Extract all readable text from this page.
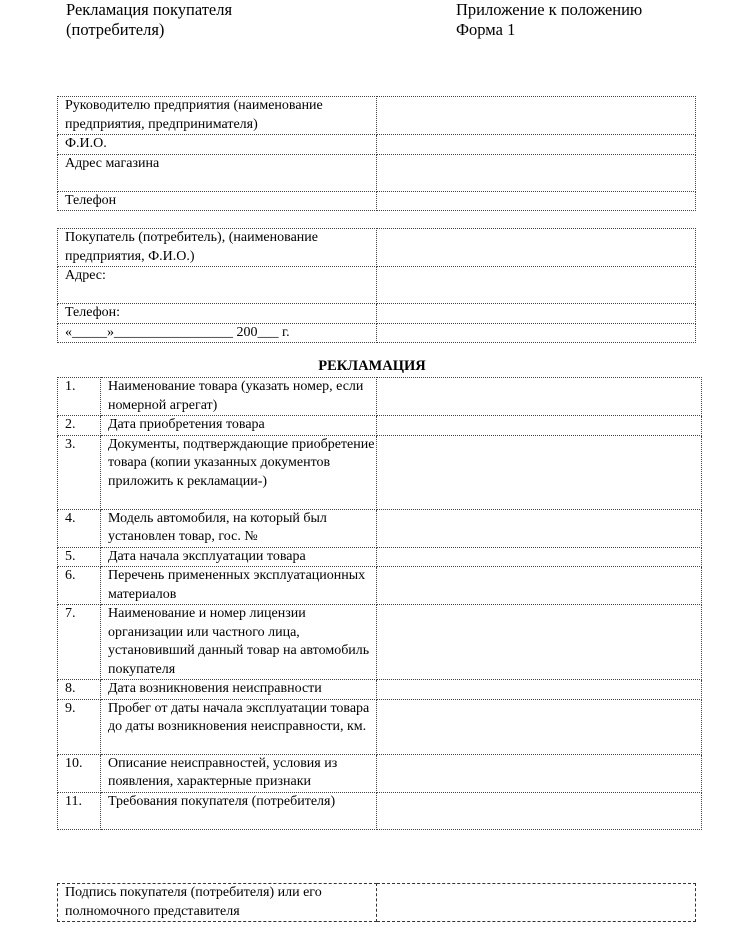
Рекламация покупателя
(потребителя)
Приложение к положению
Форма 1
Руководителю предприятия (наименование предприятия, предпринимателя)	
Ф.И.О.	
Адрес магазина	
Телефон	
Покупатель (потребитель), (наименование предприятия, Ф.И.О.)	
Адрес:	
Телефон:	
«_____»_________________ 200___ г.	
РЕКЛАМАЦИЯ
1.	Наименование товара (указать номер, если номерной агрегат)	
2.	Дата приобретения товара	
3.	Документы, подтверждающие приобретение товара (копии указанных документов приложить к рекламации-)	
4.	Модель автомобиля, на который был установлен товар, гос. №	
5.	Дата начала эксплуатации товара	
6.	Перечень примененных эксплуатационных материалов	
7.	Наименование и номер лицензии организации или частного лица, установивший данный товар на автомобиль покупателя	
8.	Дата возникновения неисправности	
9.	Пробег от даты начала эксплуатации товара до даты возникновения неисправности, км.	
10.	Описание неисправностей, условия из появления, характерные признаки	
11.	Требования покупателя (потребителя)	
Подпись покупателя (потребителя) или его полномочного представителя	
